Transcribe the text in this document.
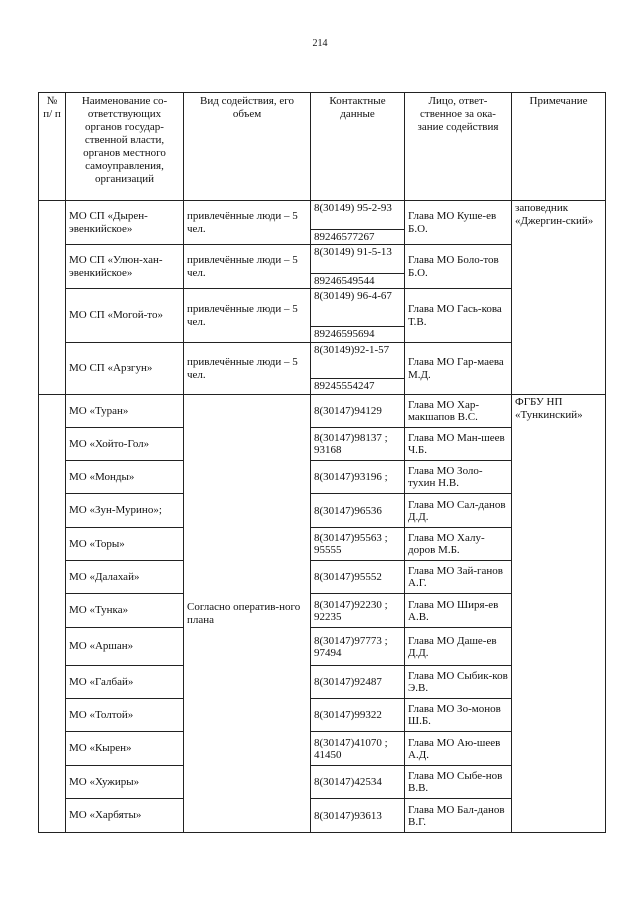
214
№ п/ п	Наименование со-ответствующих органов государ-ственной власти, органов местного самоуправления, организаций	Вид содействия, его объем	Контактные данные	Лицо, ответ-ственное за ока-зание содействия	Примечание
	МО СП «Дырен-эвенкийское»	привлечённые люди – 5 чел.	8(30149) 95-2-93	Глава МО Куше-ев Б.О.	заповедник «Джергин-ский»
			89246577267		
	МО СП «Улюн-хан-эвенкийское»	привлечённые люди – 5 чел.	8(30149) 91-5-13	Глава МО Боло-тов Б.О.	
			89246549544		
	МО СП «Могой-то»	привлечённые люди – 5 чел.	8(30149) 96-4-67	Глава МО Гась-кова Т.В.	
			89246595694		
	МО СП «Арзгун»	привлечённые люди – 5 чел.	8(30149)92-1-57	Глава МО Гар-маева М.Д.	
			89245554247		
	МО «Туран»	Согласно оператив-ного плана	8(30147)94129	Глава МО Хар-макшапов В.С.	ФГБУ НП «Тункинский»
	МО «Хойто-Гол»		8(30147)98137 ; 93168	Глава МО Ман-шеев Ч.Б.	
	МО «Монды»		8(30147)93196 ;	Глава МО Золо-тухин Н.В.	
	МО «Зун-Мурино»;		8(30147)96536	Глава МО Сал-данов Д.Д.	
	МО «Торы»		8(30147)95563 ; 95555	Глава МО Халу-доров М.Б.	
	МО «Далахай»		8(30147)95552	Глава МО Зай-ганов А.Г.	
	МО «Тунка»		8(30147)92230 ; 92235	Глава МО Ширя-ев А.В.	
	МО «Аршан»		8(30147)97773 ; 97494	Глава МО Даше-ев Д.Д.	
	МО «Галбай»		8(30147)92487	Глава МО Сыбик-ков Э.В.	
	МО «Толтой»		8(30147)99322	Глава МО Зо-монов Ш.Б.	
	МО «Кырен»		8(30147)41070 ; 41450	Глава МО Аю-шеев А.Д.	
	МО «Хужиры»		8(30147)42534	Глава МО Сыбе-нов В.В.	
	МО «Харбяты»		8(30147)93613	Глава МО Бал-данов В.Г.	
